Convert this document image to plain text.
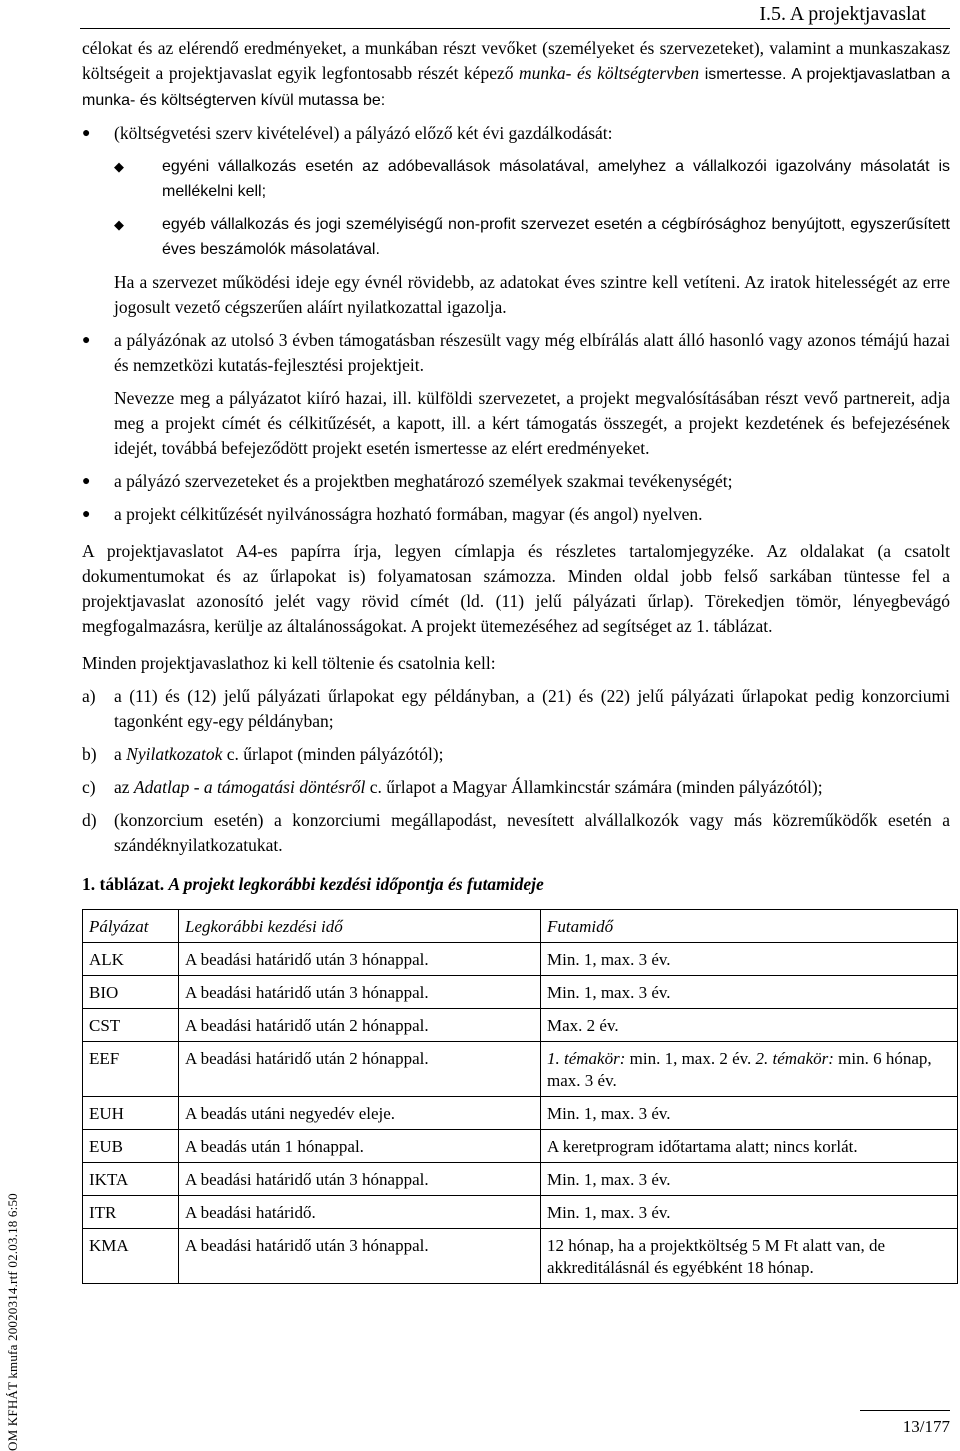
I.5. A projektjavaslat
OM KFHÁT kmufa 20020314.rtf 02.03.18 6:50

célokat és az elérendő eredményeket, a munkában részt vevőket (személyeket és szervezeteket), valamint a munkaszakasz költségeit a projektjavaslat egyik legfontosabb részét képező munka- és költségtervben ismertesse. A projektjavaslatban a munka- és költségterven kívül mutassa be:

●	(költségvetési szerv kivételével) a pályázó előző két évi gazdálkodását:
◆	egyéni vállalkozás esetén az adóbevallások másolatával, amelyhez a vállalkozói igazolvány másolatát is mellékelni kell;
◆	egyéb vállalkozás és jogi személyiségű non-profit szervezet esetén a cégbírósághoz benyújtott, egyszerűsített éves beszámolók másolatával.

Ha a szervezet működési ideje egy évnél rövidebb, az adatokat éves szintre kell vetíteni. Az iratok hitelességét az erre jogosult vezető cégszerűen aláírt nyilatkozattal igazolja.

●	a pályázónak az utolsó 3 évben támogatásban részesült vagy még elbírálás alatt álló hasonló vagy azonos témájú hazai és nemzetközi kutatás-fejlesztési projektjeit.

Nevezze meg a pályázatot kiíró hazai, ill. külföldi szervezetet, a projekt megvalósításában részt vevő partnereit, adja meg a projekt címét és célkitűzését, a kapott, ill. a kért támogatás összegét, a projekt kezdetének és befejezésének idejét, továbbá befejeződött projekt esetén ismertesse az elért eredményeket.

●	a pályázó szervezeteket és a projektben meghatározó személyek szakmai tevékenységét;
●	a projekt célkitűzését nyilvánosságra hozható formában, magyar (és angol) nyelven.

A projektjavaslatot A4-es papírra írja, legyen címlapja és részletes tartalomjegyzéke. Az oldalakat (a csatolt dokumentumokat és az űrlapokat is) folyamatosan számozza. Minden oldal jobb felső sarkában tüntesse fel a projektjavaslat azonosító jelét vagy rövid címét (ld. (11) jelű pályázati űrlap). Törekedjen tömör, lényegbevágó megfogalmazásra, kerülje az általánosságokat. A projekt ütemezéséhez ad segítséget az 1. táblázat.

Minden projektjavaslathoz ki kell töltenie és csatolnia kell:

a)	a (11) és (12) jelű pályázati űrlapokat egy példányban, a (21) és (22) jelű pályázati űrlapokat pedig konzorciumi tagonként egy-egy példányban;
b) a Nyilatkozatok c. űrlapot (minden pályázótól);
c)	az Adatlap - a támogatási döntésről c. űrlapot a Magyar Államkincstár számára (minden pályázótól);
d) (konzorcium esetén) a konzorciumi megállapodást, nevesített alvállalkozók vagy más közreműködők esetén a szándéknyilatkozatukat.

1. táblázat. A projekt legkorábbi kezdési időpontja és futamideje

Pályázat	Legkorábbi kezdési idő	Futamidő
ALK	A beadási határidő után 3 hónappal.	Min. 1, max. 3 év.
BIO	A beadási határidő után 3 hónappal.	Min. 1, max. 3 év.
CST	A beadási határidő után 2 hónappal.	Max. 2 év.
EEF	A beadási határidő után 2 hónappal.	1. témakör: min. 1, max. 2 év. 2. témakör: min. 6 hónap, max. 3 év.
EUH	A beadás utáni negyedév eleje.	Min. 1, max. 3 év.
EUB	A beadás után 1 hónappal.	A keretprogram időtartama alatt; nincs korlát.
IKTA	A beadási határidő után 3 hónappal.	Min. 1, max. 3 év.
ITR	A beadási határidő.	Min. 1, max. 3 év.
KMA	A beadási határidő után 3 hónappal.	12 hónap, ha a projektköltség 5 M Ft alatt van, de akkreditálásnál és egyébként 18 hónap.
13/177
